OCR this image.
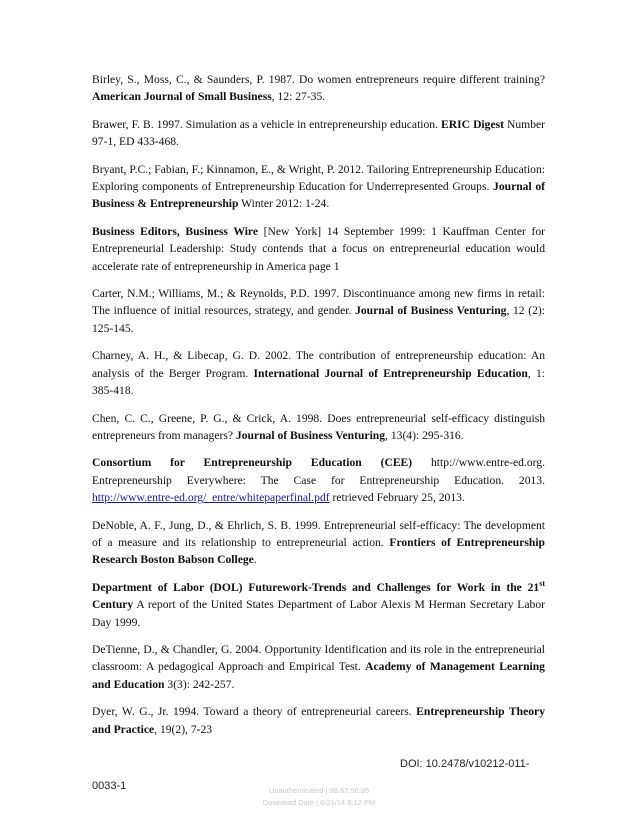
Birley, S., Moss, C., & Saunders, P. 1987. Do women entrepreneurs require different training? American Journal of Small Business, 12: 27-35.

Brawer, F. B. 1997. Simulation as a vehicle in entrepreneurship education. ERIC Digest Number 97-1, ED 433-468.

Bryant, P.C.; Fabian, F.; Kinnamon, E., & Wright, P. 2012. Tailoring Entrepreneurship Education: Exploring components of Entrepreneurship Education for Underrepresented Groups. Journal of Business & Entrepreneurship Winter 2012: 1-24.

Business Editors, Business Wire [New York] 14 September 1999: 1 Kauffman Center for Entrepreneurial Leadership: Study contends that a focus on entrepreneurial education would accelerate rate of entrepreneurship in America page 1

Carter, N.M.; Williams, M.; & Reynolds, P.D. 1997. Discontinuance among new firms in retail: The influence of initial resources, strategy, and gender. Journal of Business Venturing, 12 (2): 125-145.

Charney, A. H., & Libecap, G. D. 2002. The contribution of entrepreneurship education: An analysis of the Berger Program. International Journal of Entrepreneurship Education, 1: 385-418.

Chen, C. C., Greene, P. G., & Crick, A. 1998. Does entrepreneurial self-efficacy distinguish entrepreneurs from managers? Journal of Business Venturing, 13(4): 295-316.

Consortium for Entrepreneurship Education (CEE) http://www.entre-ed.org. Entrepreneurship Everywhere: The Case for Entrepreneurship Education. 2013. http://www.entre-ed.org/_entre/whitepaperfinal.pdf retrieved February 25, 2013.

DeNoble, A. F., Jung, D., & Ehrlich, S. B. 1999. Entrepreneurial self-efficacy: The development of a measure and its relationship to entrepreneurial action. Frontiers of Entrepreneurship Research Boston Babson College.

Department of Labor (DOL) Futurework-Trends and Challenges for Work in the 21st Century A report of the United States Department of Labor Alexis M Herman Secretary Labor Day 1999.

DeTienne, D., & Chandler, G. 2004. Opportunity Identification and its role in the entrepreneurial classroom: A pedagogical Approach and Empirical Test. Academy of Management Learning and Education 3(3): 242-257.

Dyer, W. G., Jr. 1994. Toward a theory of entrepreneurial careers. Entrepreneurship Theory and Practice, 19(2), 7-23

DOI: 10.2478/v10212-011-
0033-1	Unauthenticated | 98.67.96.95
Download Date | 6/21/14 9:12 PM
